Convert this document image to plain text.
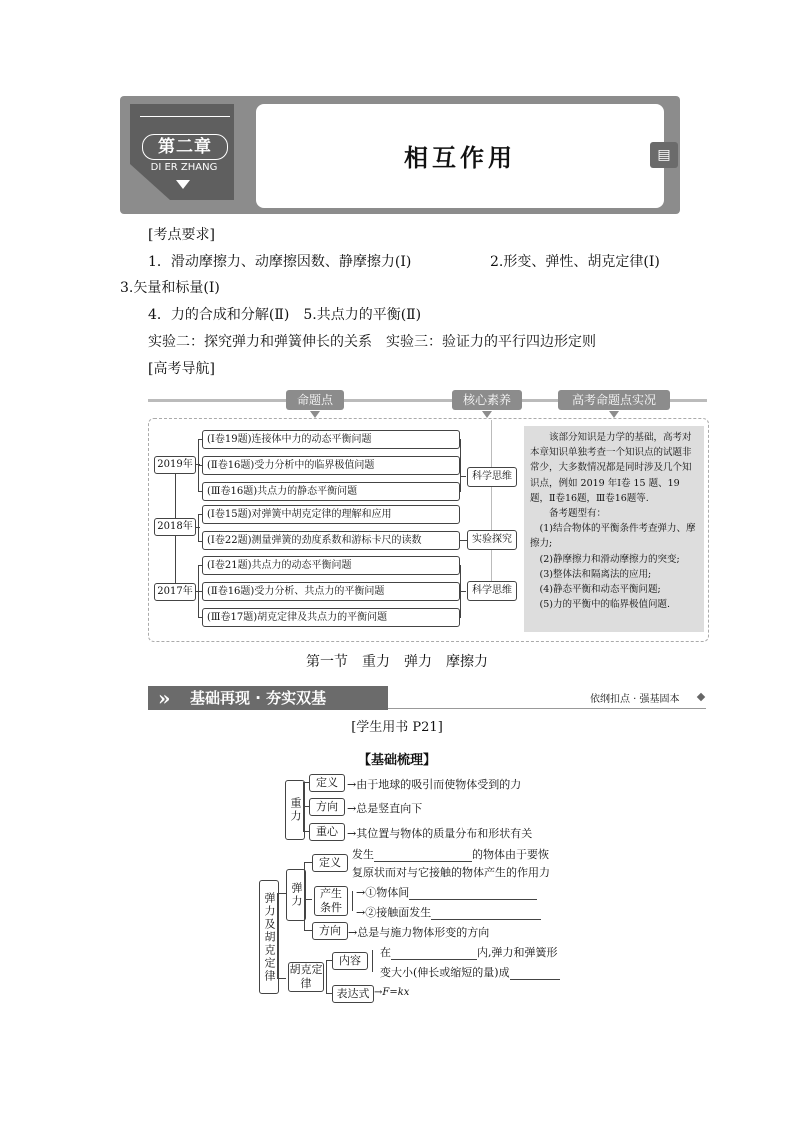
第二章
DI ER ZHANG	相互作用	▤
[考点要求]
1．滑动摩擦力、动摩擦因数、静摩擦力(Ⅰ)	2.形变、弹性、胡克定律(Ⅰ)
3.矢量和标量(Ⅰ)
4．力的合成和分解(Ⅱ)　5.共点力的平衡(Ⅱ)
实验二：探究弹力和弹簧伸长的关系　实验三：验证力的平行四边形定则
[高考导航]
命题点	核心素养	高考命题点实况
2019年
2018年
2017年
(Ⅰ卷19题)连接体中力的动态平衡问题
(Ⅱ卷16题)受力分析中的临界极值问题
(Ⅲ卷16题)共点力的静态平衡问题
(Ⅰ卷15题)对弹簧中胡克定律的理解和应用
(Ⅰ卷22题)测量弹簧的劲度系数和游标卡尺的读数
(Ⅰ卷21题)共点力的动态平衡问题
(Ⅱ卷16题)受力分析、共点力的平衡问题
(Ⅲ卷17题)胡克定律及共点力的平衡问题
科学思维
实验探究
科学思维

该部分知识是力学的基础，高考对本章知识单独考查一个知识点的试题非常少，大多数情况都是同时涉及几个知识点，例如 2019 年Ⅰ卷 15 题、19 题，Ⅱ卷16题，Ⅲ卷16题等.

备考题型有：

(1)结合物体的平衡条件考查弹力、摩擦力;

(2)静摩擦力和滑动摩擦力的突变;

(3)整体法和隔离法的应用;

(4)静态平衡和动态平衡问题;

(5)力的平衡中的临界极值问题.

第一节　重力　弹力　摩擦力
» 基础再现 · 夯实双基	依纲扣点 · 强基固本
[学生用书 P21]
【基础梳理】
重力
定义
方向
重心
→由于地球的吸引而使物体受到的力
→总是竖直向下
→其位置与物体的质量分布和形状有关
弹力及胡克定律	弹力
定义
发生	的物体由于要恢
复原状而对与它接触的物体产生的作用力
产生条件
→①物体间
→②接触面发生
方向 →总是与施力物体形变的方向
胡克定律
内容
在	内,弹力和弹簧形
变大小(伸长或缩短的量)成
表达式 →F=kx
